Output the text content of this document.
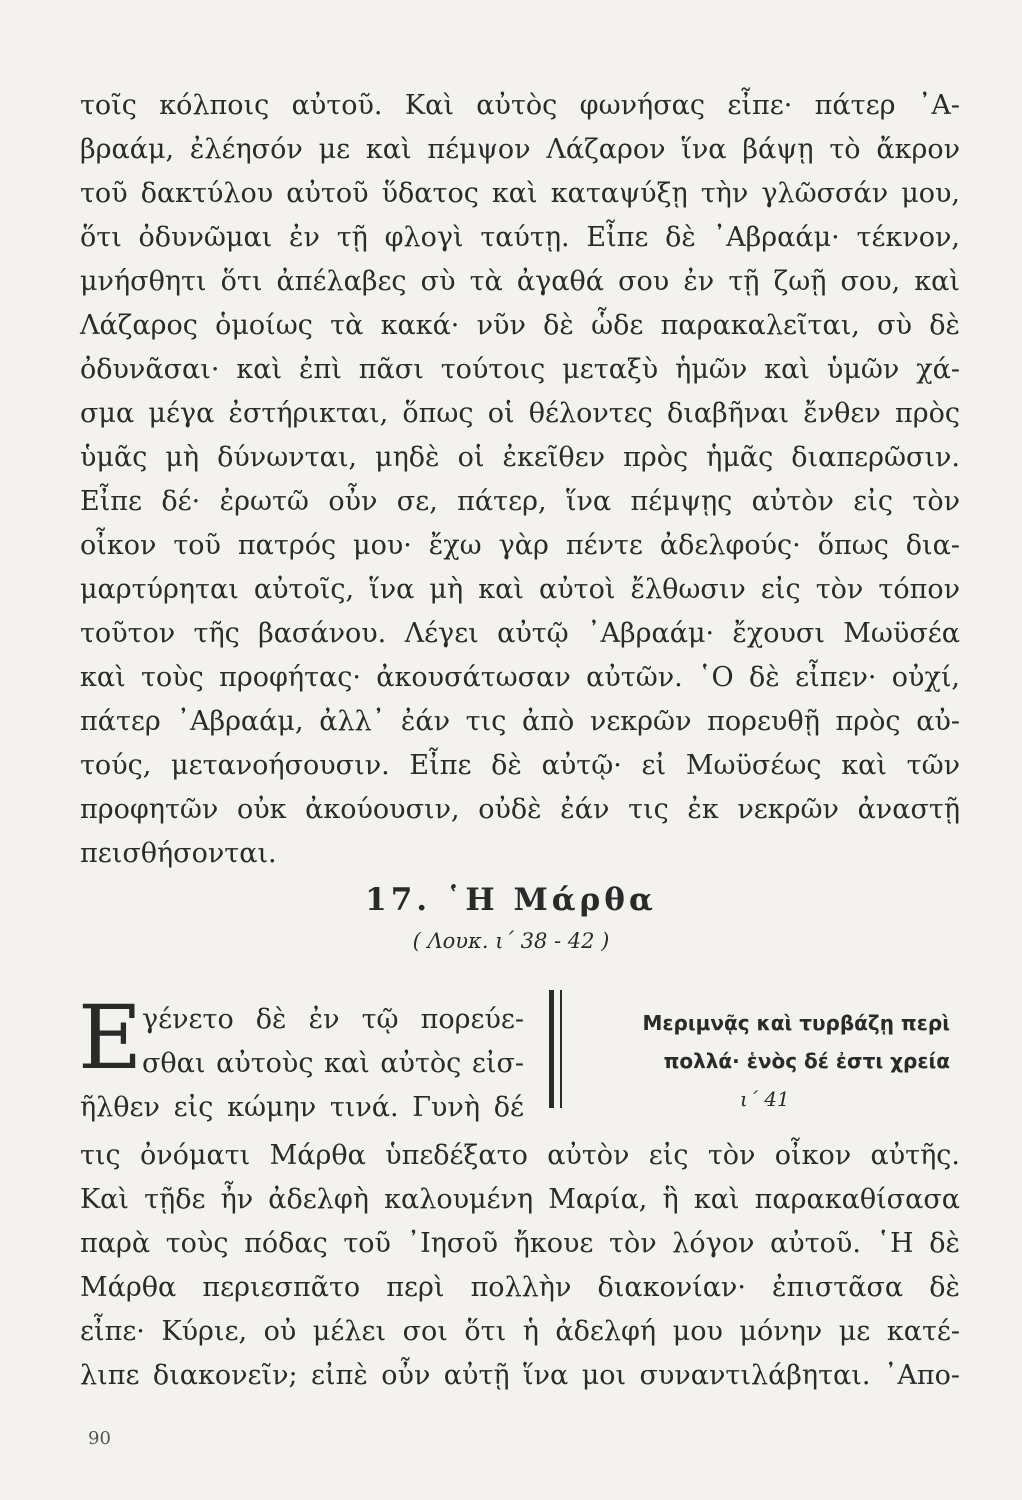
τοῖς κόλποις αὐτοῦ. Καὶ αὐτὸς φωνήσας εἶπε· πάτερ ᾿Α-
βραάμ, ἐλέησόν με καὶ πέμψον Λάζαρον ἵνα βάψῃ τὸ ἄκρον
τοῦ δακτύλου αὐτοῦ ὕδατος καὶ καταψύξῃ τὴν γλῶσσάν μου,
ὅτι ὀδυνῶμαι ἐν τῇ φλογὶ ταύτῃ. Εἶπε δὲ ᾿Αβραάμ· τέκνον,
μνήσθητι ὅτι ἀπέλαβες σὺ τὰ ἀγαθά σου ἐν τῇ ζωῇ σου, καὶ
Λάζαρος ὁμοίως τὰ κακά· νῦν δὲ ὧδε παρακαλεῖται, σὺ δὲ
ὀδυνᾶσαι· καὶ ἐπὶ πᾶσι τούτοις μεταξὺ ἡμῶν καὶ ὑμῶν χά-
σμα μέγα ἐστήρικται, ὅπως οἱ θέλοντες διαβῆναι ἔνθεν πρὸς
ὑμᾶς μὴ δύνωνται, μηδὲ οἱ ἐκεῖθεν πρὸς ἡμᾶς διαπερῶσιν.
Εἶπε δέ· ἐρωτῶ οὖν σε, πάτερ, ἵνα πέμψῃς αὐτὸν εἰς τὸν
οἶκον τοῦ πατρός μου· ἔχω γὰρ πέντε ἀδελφούς· ὅπως δια-
μαρτύρηται αὐτοῖς, ἵνα μὴ καὶ αὐτοὶ ἔλθωσιν εἰς τὸν τόπον
τοῦτον τῆς βασάνου. Λέγει αὐτῷ ᾿Αβραάμ· ἔχουσι Μωϋσέα
καὶ τοὺς προφήτας· ἀκουσάτωσαν αὐτῶν. ῾Ο δὲ εἶπεν· οὐχί,
πάτερ ᾿Αβραάμ, ἀλλ᾿ ἐάν τις ἀπὸ νεκρῶν πορευθῇ πρὸς αὐ-
τούς, μετανοήσουσιν. Εἶπε δὲ αὐτῷ· εἰ Μωϋσέως καὶ τῶν
προφητῶν οὐκ ἀκούουσιν, οὐδὲ ἐάν τις ἐκ νεκρῶν ἀναστῇ
πεισθήσονται.
17. ῾Η Μάρθα
( Λουκ. ι΄ 38 - 42 )
Ε γένετο δὲ ἐν τῷ πορεύε-
σθαι αὐτοὺς καὶ αὐτὸς εἰσ-
ῆλθεν εἰς κώμην τινά. Γυνὴ δέ
Μεριμνᾷς καὶ τυρβάζῃ περὶ
πολλά· ἑνὸς δέ ἐστι χρεία
ι΄ 41
τις ὀνόματι Μάρθα ὑπεδέξατο αὐτὸν εἰς τὸν οἶκον αὐτῆς.
Καὶ τῇδε ἦν ἀδελφὴ καλουμένη Μαρία, ἣ καὶ παρακαθίσασα
παρὰ τοὺς πόδας τοῦ ᾿Ιησοῦ ἤκουε τὸν λόγον αὐτοῦ. ῾Η δὲ
Μάρθα περιεσπᾶτο περὶ πολλὴν διακονίαν· ἐπιστᾶσα δὲ
εἶπε· Κύριε, οὐ μέλει σοι ὅτι ἡ ἀδελφή μου μόνην με κατέ-
λιπε διακονεῖν; εἰπὲ οὖν αὐτῇ ἵνα μοι συναντιλάβηται. ᾿Απο-
90
